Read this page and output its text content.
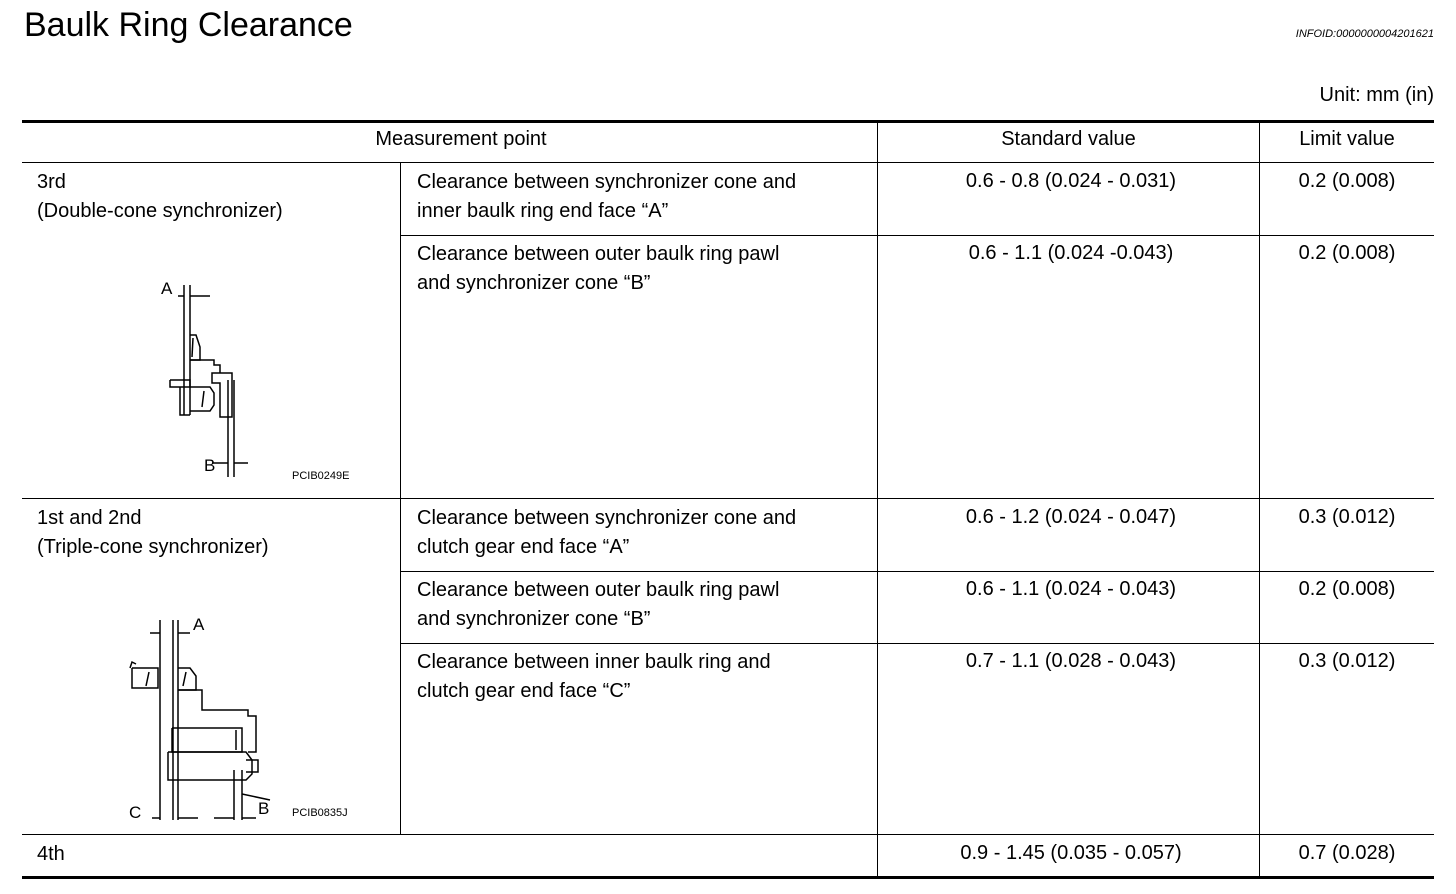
Baulk Ring Clearance	INFOID:0000000004201621
Unit: mm (in)
Measurement point	Standard value	Limit value
3rd
(Double-cone synchronizer)
Clearance between synchronizer cone and
inner baulk ring end face “A”
0.6 - 0.8 (0.024 - 0.031)	0.2 (0.008)
Clearance between outer baulk ring pawl
and synchronizer cone “B”
0.6 - 1.1 (0.024 -0.043)	0.2 (0.008)
A
B
PCIB0249E
1st and 2nd
(Triple-cone synchronizer)
Clearance between synchronizer cone and
clutch gear end face “A”
0.6 - 1.2 (0.024 - 0.047)	0.3 (0.012)
Clearance between outer baulk ring pawl
and synchronizer cone “B”
0.6 - 1.1 (0.024 - 0.043)	0.2 (0.008)
Clearance between inner baulk ring and
clutch gear end face “C”
0.7 - 1.1 (0.028 - 0.043)	0.3 (0.012)
A
B
C	PCIB0835J
4th	0.9 - 1.45 (0.035 - 0.057)	0.7 (0.028)
